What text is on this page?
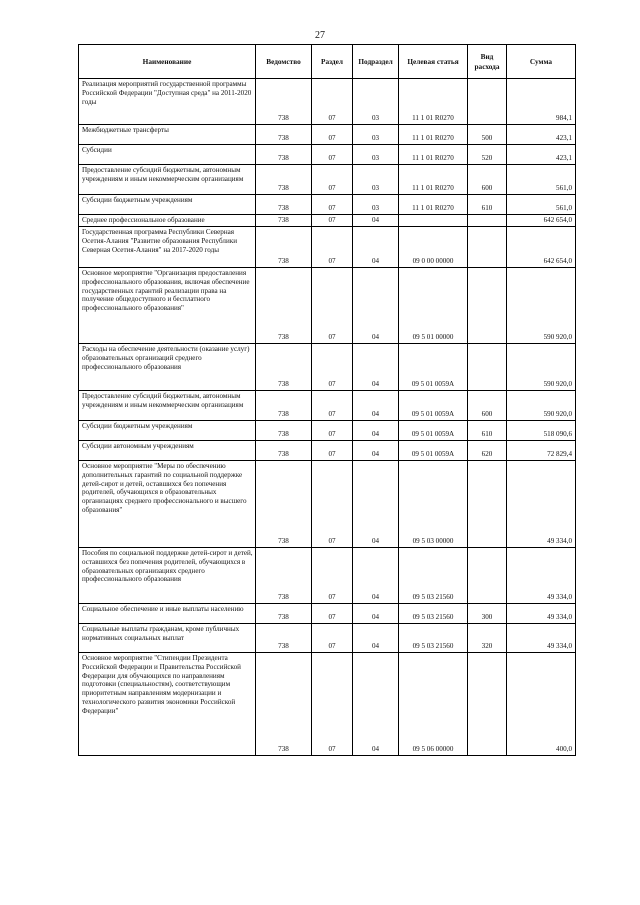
27
Наименование	Ведомство	Раздел	Подраздел	Целевая статья	Вид расхода	Сумма
Реализация мероприятий государственной программы Российской Федерации "Доступная среда" на 2011-2020 годы	738	07	03	11 1 01 R0270		984,1
Межбюджетные трансферты	738	07	03	11 1 01 R0270	500	423,1
Субсидии	738	07	03	11 1 01 R0270	520	423,1
Предоставление субсидий бюджетным, автономным учреждениям и иным некоммерческим организациям	738	07	03	11 1 01 R0270	600	561,0
Субсидии бюджетным учреждениям	738	07	03	11 1 01 R0270	610	561,0
Среднее профессиональное образование	738	07	04			642 654,0
Государственная программа Республики Северная Осетия-Алания "Развитие образования Республики Северная Осетия-Алания" на 2017-2020 годы	738	07	04	09 0 00 00000		642 654,0
Основное мероприятие "Организация предоставления профессионального образования, включая обеспечение государственных гарантий реализации права на получение общедоступного и бесплатного профессионального образования"	738	07	04	09 5 01 00000		590 920,0
Расходы на обеспечение деятельности (оказание услуг) образовательных организаций среднего профессионального образования	738	07	04	09 5 01 0059А		590 920,0
Предоставление субсидий бюджетным, автономным учреждениям и иным некоммерческим организациям	738	07	04	09 5 01 0059А	600	590 920,0
Субсидии бюджетным учреждениям	738	07	04	09 5 01 0059А	610	518 090,6
Субсидии автономным учреждениям	738	07	04	09 5 01 0059А	620	72 829,4
Основное мероприятие "Меры по обеспечению дополнительных гарантий по социальной поддержке детей-сирот и детей, оставшихся без попечения родителей, обучающихся в образовательных организациях среднего профессионального и высшего образования"	738	07	04	09 5 03 00000		49 334,0
Пособия по социальной поддержке детей-сирот и детей, оставшихся без попечения родителей, обучающихся в образовательных организациях среднего профессионального образования	738	07	04	09 5 03 21560		49 334,0
Социальное обеспечение и иные выплаты населению	738	07	04	09 5 03 21560	300	49 334,0
Социальные выплаты гражданам, кроме публичных нормативных социальных выплат	738	07	04	09 5 03 21560	320	49 334,0
Основное мероприятие "Стипендии Президента Российской Федерации и Правительства Российской Федерации для обучающихся по направлениям подготовки (специальностям), соответствующим приоритетным направлениям модернизации и технологического развития экономики Российской Федерации"	738	07	04	09 5 06 00000		400,0
